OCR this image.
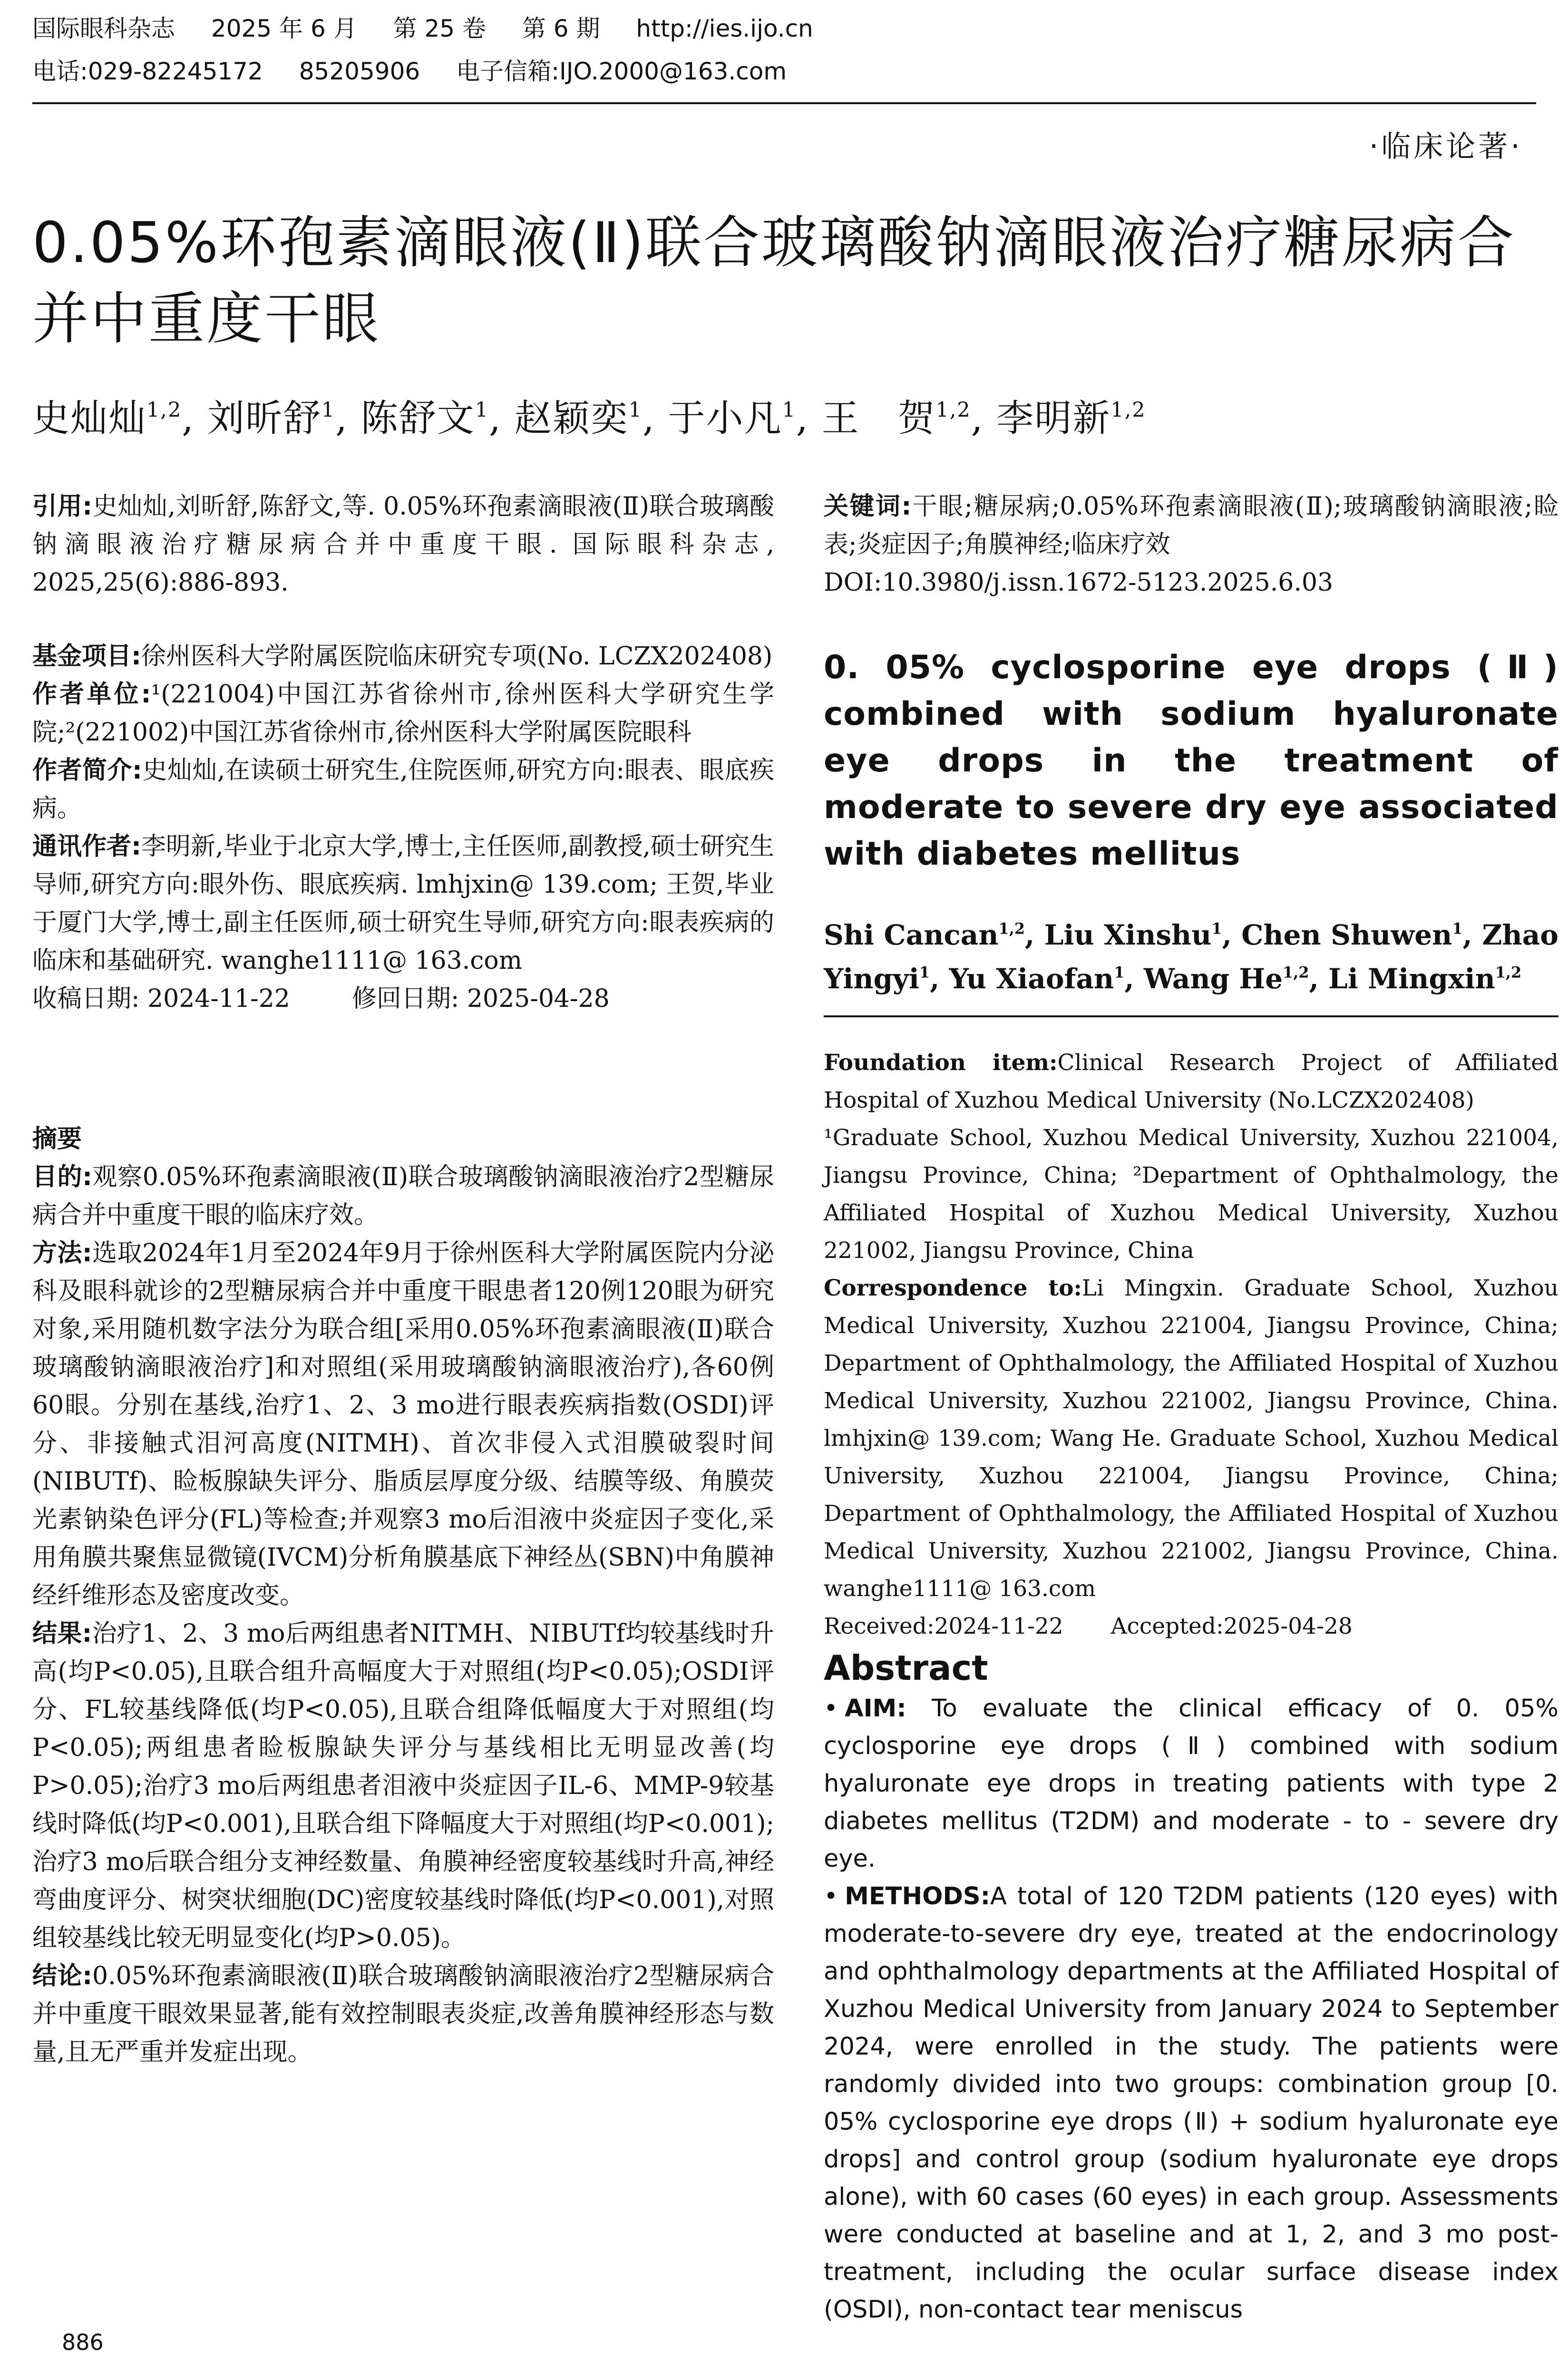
国际眼科杂志 2025 年 6 月 第 25 卷 第 6 期 http://ies.ijo.cn
电话:029-82245172 85205906 电子信箱:IJO.2000@163.com
·临床论著·
0.05%环孢素滴眼液(Ⅱ)联合玻璃酸钠滴眼液治疗糖尿病合并中重度干眼
史灿灿$^{1,2}$, 刘昕舒$^1$, 陈舒文$^1$, 赵颖奕$^1$, 于小凡$^1$, 王　贺$^{1,2}$, 李明新$^{1,2}$

引用:史灿灿,刘昕舒,陈舒文,等. 0.05%环孢素滴眼液(Ⅱ)联合玻璃酸钠滴眼液治疗糖尿病合并中重度干眼. 国际眼科杂志, 2025,25(6):886-893.

基金项目:徐州医科大学附属医院临床研究专项(No. LCZX202408)

作者单位:¹(221004)中国江苏省徐州市,徐州医科大学研究生学院;²(221002)中国江苏省徐州市,徐州医科大学附属医院眼科

作者简介:史灿灿,在读硕士研究生,住院医师,研究方向:眼表、眼底疾病。

通讯作者:李明新,毕业于北京大学,博士,主任医师,副教授,硕士研究生导师,研究方向:眼外伤、眼底疾病. lmhjxin@ 139.com; 王贺,毕业于厦门大学,博士,副主任医师,硕士研究生导师,研究方向:眼表疾病的临床和基础研究. wanghe1111@ 163.com

收稿日期: 2024-11-22	修回日期: 2025-04-28

摘要

目的:观察0.05%环孢素滴眼液(Ⅱ)联合玻璃酸钠滴眼液治疗2型糖尿病合并中重度干眼的临床疗效。

方法:选取2024年1月至2024年9月于徐州医科大学附属医院内分泌科及眼科就诊的2型糖尿病合并中重度干眼患者120例120眼为研究对象,采用随机数字法分为联合组[采用0.05%环孢素滴眼液(Ⅱ)联合玻璃酸钠滴眼液治疗]和对照组(采用玻璃酸钠滴眼液治疗),各60例60眼。分别在基线,治疗1、2、3 mo进行眼表疾病指数(OSDI)评分、非接触式泪河高度(NITMH)、首次非侵入式泪膜破裂时间(NIBUTf)、睑板腺缺失评分、脂质层厚度分级、结膜等级、角膜荧光素钠染色评分(FL)等检查;并观察3 mo后泪液中炎症因子变化,采用角膜共聚焦显微镜(IVCM)分析角膜基底下神经丛(SBN)中角膜神经纤维形态及密度改变。

结果:治疗1、2、3 mo后两组患者NITMH、NIBUTf均较基线时升高(均P<0.05),且联合组升高幅度大于对照组(均P<0.05);OSDI评分、FL较基线降低(均P<0.05),且联合组降低幅度大于对照组(均P<0.05);两组患者睑板腺缺失评分与基线相比无明显改善(均P>0.05);治疗3 mo后两组患者泪液中炎症因子IL-6、MMP-9较基线时降低(均P<0.001),且联合组下降幅度大于对照组(均P<0.001);治疗3 mo后联合组分支神经数量、角膜神经密度较基线时升高,神经弯曲度评分、树突状细胞(DC)密度较基线时降低(均P<0.001),对照组较基线比较无明显变化(均P>0.05)。

结论:0.05%环孢素滴眼液(Ⅱ)联合玻璃酸钠滴眼液治疗2型糖尿病合并中重度干眼效果显著,能有效控制眼表炎症,改善角膜神经形态与数量,且无严重并发症出现。

关键词:干眼;糖尿病;0.05%环孢素滴眼液(Ⅱ);玻璃酸钠滴眼液;睑表;炎症因子;角膜神经;临床疗效

DOI:10.3980/j.issn.1672-5123.2025.6.03

0. 05% cyclosporine eye drops (Ⅱ) combined with sodium hyaluronate eye drops in the treatment of moderate to severe dry eye associated with diabetes mellitus
Shi Cancan$^{1,2}$, Liu Xinshu$^1$, Chen Shuwen$^1$, Zhao Yingyi$^1$, Yu Xiaofan$^1$, Wang He$^{1,2}$, Li Mingxin$^{1,2}$

Foundation item:Clinical Research Project of Affiliated Hospital of Xuzhou Medical University (No.LCZX202408)

¹Graduate School, Xuzhou Medical University, Xuzhou 221004, Jiangsu Province, China; ²Department of Ophthalmology, the Affiliated Hospital of Xuzhou Medical University, Xuzhou 221002, Jiangsu Province, China

Correspondence to:Li Mingxin. Graduate School, Xuzhou Medical University, Xuzhou 221004, Jiangsu Province, China; Department of Ophthalmology, the Affiliated Hospital of Xuzhou Medical University, Xuzhou 221002, Jiangsu Province, China. lmhjxin@ 139.com; Wang He. Graduate School, Xuzhou Medical University, Xuzhou 221004, Jiangsu Province, China; Department of Ophthalmology, the Affiliated Hospital of Xuzhou Medical University, Xuzhou 221002, Jiangsu Province, China. wanghe1111@ 163.com

Received:2024-11-22 Accepted:2025-04-28

Abstract

• AIM: To evaluate the clinical efficacy of 0. 05% cyclosporine eye drops (Ⅱ) combined with sodium hyaluronate eye drops in treating patients with type 2 diabetes mellitus (T2DM) and moderate - to - severe dry eye.

• METHODS:A total of 120 T2DM patients (120 eyes) with moderate-to-severe dry eye, treated at the endocrinology and ophthalmology departments at the Affiliated Hospital of Xuzhou Medical University from January 2024 to September 2024, were enrolled in the study. The patients were randomly divided into two groups: combination group [0. 05% cyclosporine eye drops (Ⅱ) + sodium hyaluronate eye drops] and control group (sodium hyaluronate eye drops alone), with 60 cases (60 eyes) in each group. Assessments were conducted at baseline and at 1, 2, and 3 mo post-treatment, including the ocular surface disease index (OSDI), non-contact tear meniscus

886
